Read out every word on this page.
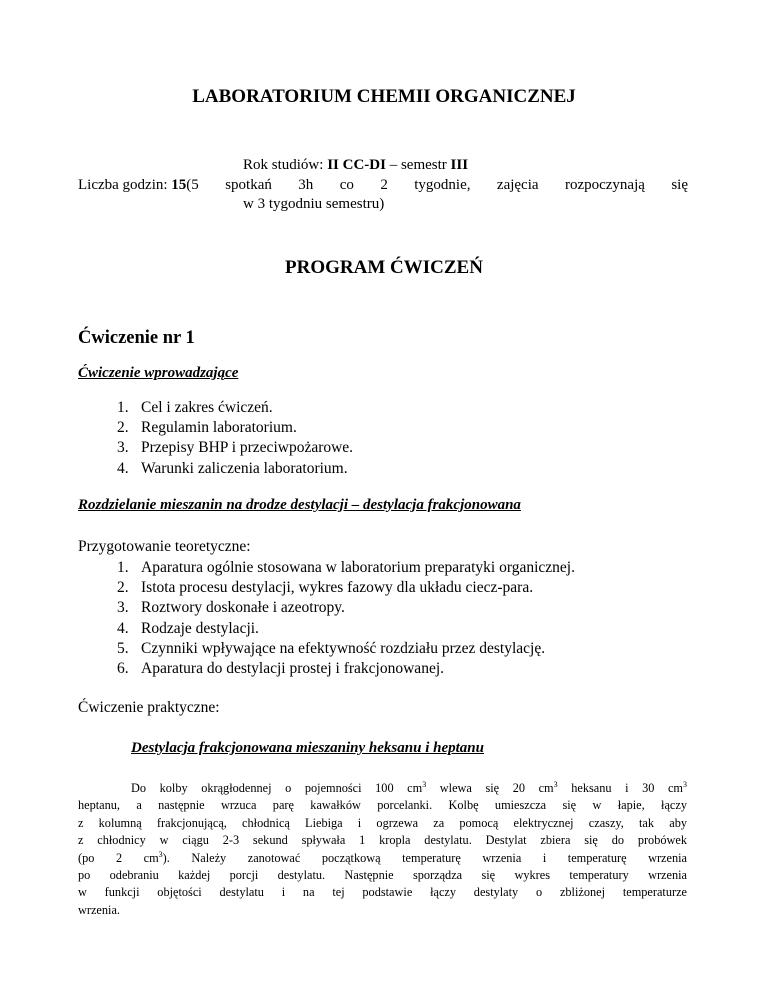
LABORATORIUM CHEMII ORGANICZNEJ
Rok studiów: II CC-DI – semestr III
Liczba godzin: 15 (5 spotkań 3h co 2 tygodnie, zajęcia rozpoczynają się
w 3 tygodniu semestru)
PROGRAM ĆWICZEŃ
Ćwiczenie nr 1
Ćwiczenie wprowadzające
1. Cel i zakres ćwiczeń.
2. Regulamin laboratorium.
3. Przepisy BHP i przeciwpożarowe.
4. Warunki zaliczenia laboratorium.
Rozdzielanie mieszanin na drodze destylacji – destylacja frakcjonowana
Przygotowanie teoretyczne:
1. Aparatura ogólnie stosowana w laboratorium preparatyki organicznej.
2. Istota procesu destylacji, wykres fazowy dla układu ciecz-para.
3. Roztwory doskonałe i azeotropy.
4. Rodzaje destylacji.
5. Czynniki wpływające na efektywność rozdziału przez destylację.
6. Aparatura do destylacji prostej i frakcjonowanej.
Ćwiczenie praktyczne:
Destylacja frakcjonowana mieszaniny heksanu i heptanu
Do kolby okrągłodennej o pojemności 100 $cm^3$ wlewa się 20 $cm^3$ heksanu i 30 $cm^3$
heptanu, a następnie wrzuca parę kawałków porcelanki. Kolbę umieszcza się w łapie, łączy
z kolumną frakcjonującą, chłodnicą Liebiga i ogrzewa za pomocą elektrycznej czaszy, tak aby
z chłodnicy w ciągu 2-3 sekund spływała 1 kropla destylatu. Destylat zbiera się do probówek
(po 2 $cm^3$). Należy zanotować początkową temperaturę wrzenia i temperaturę wrzenia
po odebraniu każdej porcji destylatu. Następnie sporządza się wykres temperatury wrzenia
w funkcji objętości destylatu i na tej podstawie łączy destylaty o zbliżonej temperaturze
wrzenia.
